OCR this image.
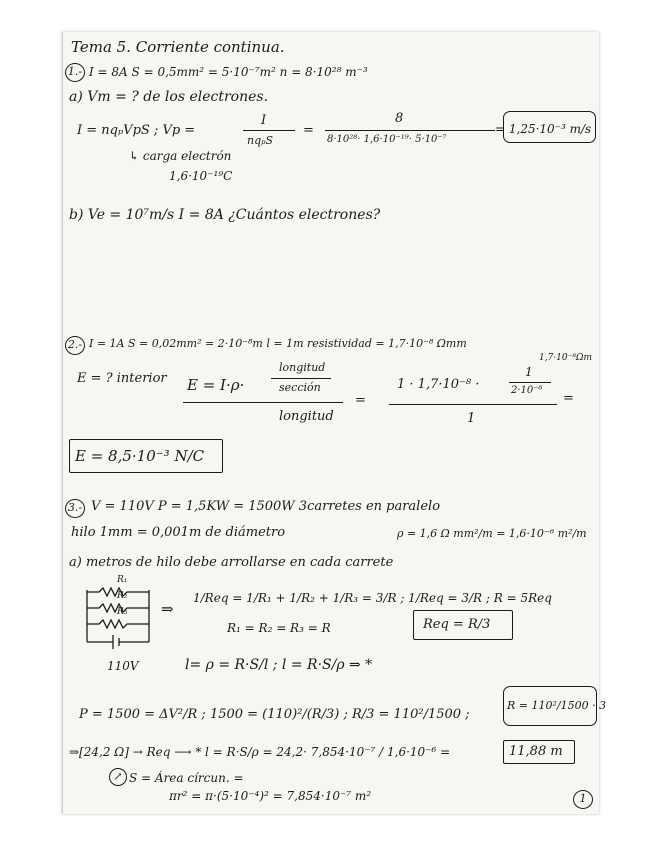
Tema 5. Corriente continua.
1.- I = 8A S = 0,5mm² = 5·10⁻⁷m² n = 8·10²⁸ m⁻³
a) Vm = ? de los electrones.
I = nqₚVpS ; Vp =
I
nqₚS
=
8
8·10²⁸· 1,6·10⁻¹⁹· 5·10⁻⁷
= 1,25·10⁻³ m/s
↳ carga electrón
1,6·10⁻¹⁹C
b) Ve = 10⁷m/s I = 8A ¿Cuántos electrones?
2.- I = 1A S = 0,02mm² = 2·10⁻⁸m l = 1m resistividad = 1,7·10⁻⁸ Ωmm
1,7·10⁻⁸Ωm
E = ? interior E = I·ρ·
longitud
sección
longitud
=
1 · 1,7·10⁻⁸ ·
1
2·10⁻⁶
1
=
E = 8,5·10⁻³ N/C
3.- V = 110V P = 1,5KW = 1500W 3carretes en paralelo
hilo 1mm = 0,001m de diámetro	ρ = 1,6 Ω mm²/m = 1,6·10⁻⁶ m²/m
a) metros de hilo debe arrollarse en cada carrete
R₁
R₂
R₃
110V
⇒
1/Req = 1/R₁ + 1/R₂ + 1/R₃ = 3/R ; 1/Req = 3/R ; R = 5Req
R₁ = R₂ = R₃ = R	Req = R/3
l= ρ = R·S/l ; l = R·S/ρ ⇒ *
P = 1500 = ΔV²/R ; 1500 = (110)²/(R/3) ; R/3 = 110²/1500 ;
R = 110²/1500 · 3
⇒[24,2 Ω] → Req ⟶ * l = R·S/ρ = 24,2· 7,854·10⁻⁷ / 1,6·10⁻⁶ =	11,88 m
↗ S = Área círcun. =
πr² = π·(5·10⁻⁴)² = 7,854·10⁻⁷ m²	1
